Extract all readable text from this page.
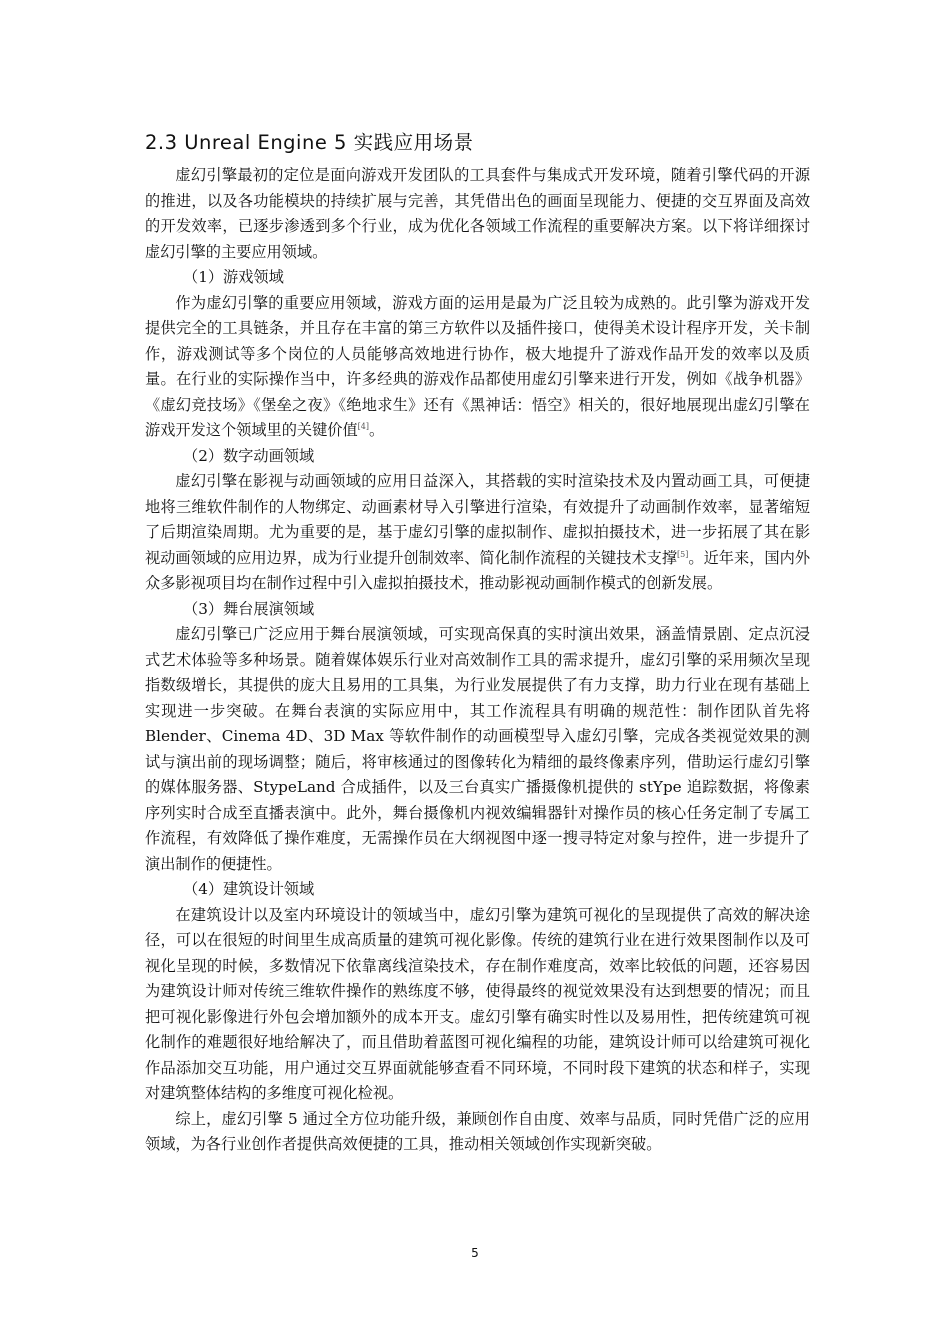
2.3 Unreal Engine 5 实践应用场景

虚幻引擎最初的定位是面向游戏开发团队的工具套件与集成式开发环境，随着引擎代码的开源的推进，以及各功能模块的持续扩展与完善，其凭借出色的画面呈现能力、便捷的交互界面及高效的开发效率，已逐步渗透到多个行业，成为优化各领域工作流程的重要解决方案。以下将详细探讨虚幻引擎的主要应用领域。

（1）游戏领域

作为虚幻引擎的重要应用领域，游戏方面的运用是最为广泛且较为成熟的。此引擎为游戏开发提供完全的工具链条，并且存在丰富的第三方软件以及插件接口，使得美术设计程序开发，关卡制作，游戏测试等多个岗位的人员能够高效地进行协作，极大地提升了游戏作品开发的效率以及质量。在行业的实际操作当中，许多经典的游戏作品都使用虚幻引擎来进行开发，例如《战争机器》《虚幻竞技场》《堡垒之夜》《绝地求生》还有《黑神话：悟空》相关的，很好地展现出虚幻引擎在游戏开发这个领域里的关键价值[4]。

（2）数字动画领域

虚幻引擎在影视与动画领域的应用日益深入，其搭载的实时渲染技术及内置动画工具，可便捷地将三维软件制作的人物绑定、动画素材导入引擎进行渲染，有效提升了动画制作效率，显著缩短了后期渲染周期。尤为重要的是，基于虚幻引擎的虚拟制作、虚拟拍摄技术，进一步拓展了其在影视动画领域的应用边界，成为行业提升创制效率、简化制作流程的关键技术支撑[5]。近年来，国内外众多影视项目均在制作过程中引入虚拟拍摄技术，推动影视动画制作模式的创新发展。

（3）舞台展演领域

虚幻引擎已广泛应用于舞台展演领域，可实现高保真的实时演出效果，涵盖情景剧、定点沉浸式艺术体验等多种场景。随着媒体娱乐行业对高效制作工具的需求提升，虚幻引擎的采用频次呈现指数级增长，其提供的庞大且易用的工具集，为行业发展提供了有力支撑，助力行业在现有基础上实现进一步突破。在舞台表演的实际应用中，其工作流程具有明确的规范性：制作团队首先将 Blender、Cinema 4D、3D Max 等软件制作的动画模型导入虚幻引擎，完成各类视觉效果的测试与演出前的现场调整；随后，将审核通过的图像转化为精细的最终像素序列，借助运行虚幻引擎的媒体服务器、StypeLand 合成插件，以及三台真实广播摄像机提供的 stYpe 追踪数据，将像素序列实时合成至直播表演中。此外，舞台摄像机内视效编辑器针对操作员的核心任务定制了专属工作流程，有效降低了操作难度，无需操作员在大纲视图中逐一搜寻特定对象与控件，进一步提升了演出制作的便捷性。

（4）建筑设计领域

在建筑设计以及室内环境设计的领域当中，虚幻引擎为建筑可视化的呈现提供了高效的解决途径，可以在很短的时间里生成高质量的建筑可视化影像。传统的建筑行业在进行效果图制作以及可视化呈现的时候，多数情况下依靠离线渲染技术，存在制作难度高，效率比较低的问题，还容易因为建筑设计师对传统三维软件操作的熟练度不够，使得最终的视觉效果没有达到想要的情况；而且把可视化影像进行外包会增加额外的成本开支。虚幻引擎有确实时性以及易用性，把传统建筑可视化制作的难题很好地给解决了，而且借助着蓝图可视化编程的功能，建筑设计师可以给建筑可视化作品添加交互功能，用户通过交互界面就能够查看不同环境，不同时段下建筑的状态和样子，实现对建筑整体结构的多维度可视化检视。

综上，虚幻引擎 5 通过全方位功能升级，兼顾创作自由度、效率与品质，同时凭借广泛的应用领域，为各行业创作者提供高效便捷的工具，推动相关领域创作实现新突破。

5
